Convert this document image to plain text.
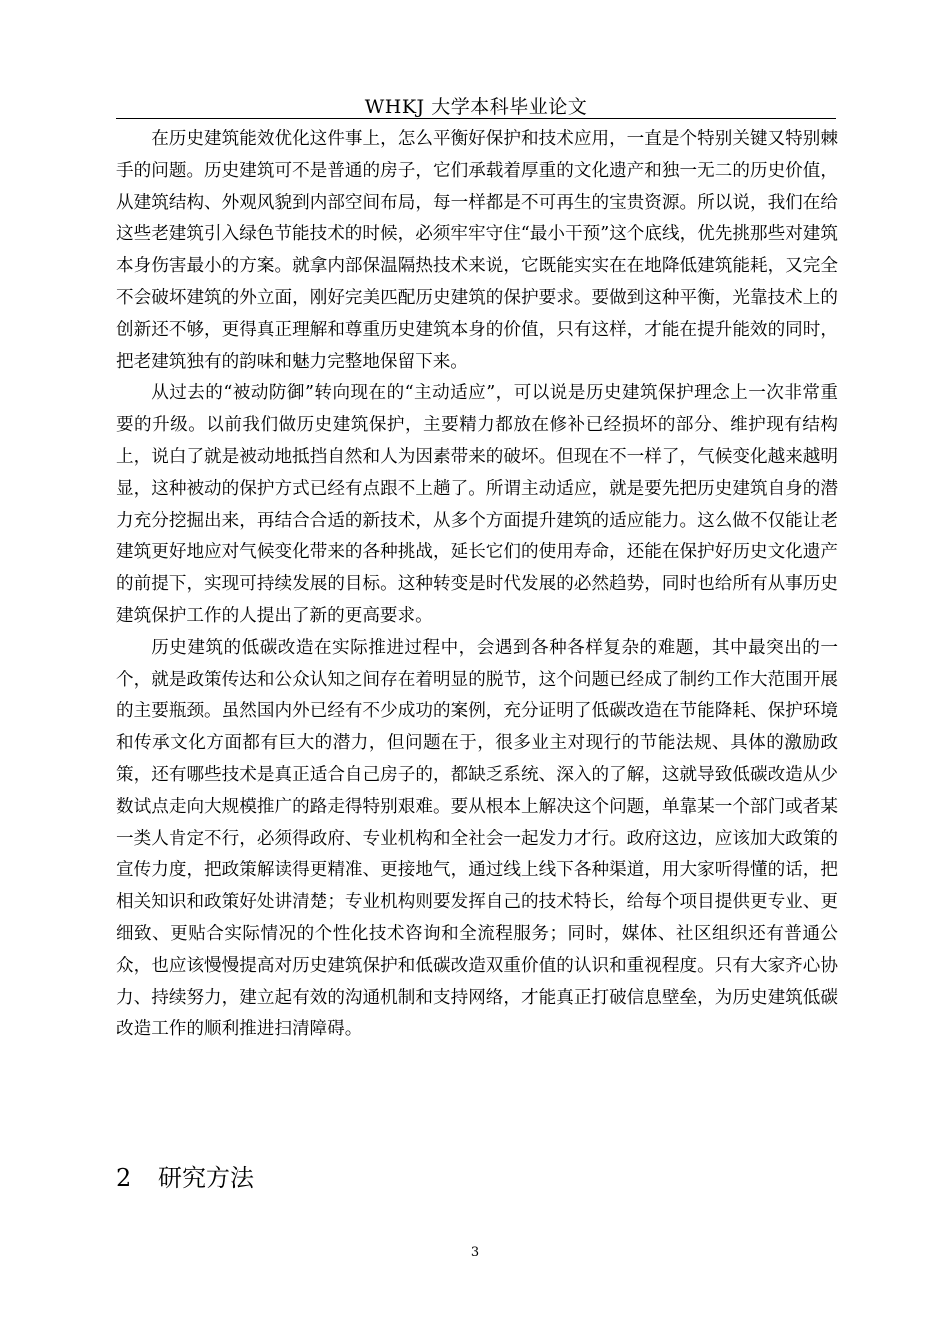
WHKJ 大学本科毕业论文

在历史建筑能效优化这件事上，怎么平衡好保护和技术应用，一直是个特别关键又特别棘手的问题。历史建筑可不是普通的房子，它们承载着厚重的文化遗产和独一无二的历史价值，从建筑结构、外观风貌到内部空间布局，每一样都是不可再生的宝贵资源。所以说，我们在给这些老建筑引入绿色节能技术的时候，必须牢牢守住“最小干预”这个底线，优先挑那些对建筑本身伤害最小的方案。就拿内部保温隔热技术来说，它既能实实在在地降低建筑能耗，又完全不会破坏建筑的外立面，刚好完美匹配历史建筑的保护要求。要做到这种平衡，光靠技术上的创新还不够，更得真正理解和尊重历史建筑本身的价值，只有这样，才能在提升能效的同时，把老建筑独有的韵味和魅力完整地保留下来。

从过去的“被动防御”转向现在的“主动适应”，可以说是历史建筑保护理念上一次非常重要的升级。以前我们做历史建筑保护，主要精力都放在修补已经损坏的部分、维护现有结构上，说白了就是被动地抵挡自然和人为因素带来的破坏。但现在不一样了，气候变化越来越明显，这种被动的保护方式已经有点跟不上趟了。所谓主动适应，就是要先把历史建筑自身的潜力充分挖掘出来，再结合合适的新技术，从多个方面提升建筑的适应能力。这么做不仅能让老建筑更好地应对气候变化带来的各种挑战，延长它们的使用寿命，还能在保护好历史文化遗产的前提下，实现可持续发展的目标。这种转变是时代发展的必然趋势，同时也给所有从事历史建筑保护工作的人提出了新的更高要求。

历史建筑的低碳改造在实际推进过程中，会遇到各种各样复杂的难题，其中最突出的一个，就是政策传达和公众认知之间存在着明显的脱节，这个问题已经成了制约工作大范围开展的主要瓶颈。虽然国内外已经有不少成功的案例，充分证明了低碳改造在节能降耗、保护环境和传承文化方面都有巨大的潜力，但问题在于，很多业主对现行的节能法规、具体的激励政策，还有哪些技术是真正适合自己房子的，都缺乏系统、深入的了解，这就导致低碳改造从少数试点走向大规模推广的路走得特别艰难。要从根本上解决这个问题，单靠某一个部门或者某一类人肯定不行，必须得政府、专业机构和全社会一起发力才行。政府这边，应该加大政策的宣传力度，把政策解读得更精准、更接地气，通过线上线下各种渠道，用大家听得懂的话，把相关知识和政策好处讲清楚；专业机构则要发挥自己的技术特长，给每个项目提供更专业、更细致、更贴合实际情况的个性化技术咨询和全流程服务；同时，媒体、社区组织还有普通公众，也应该慢慢提高对历史建筑保护和低碳改造双重价值的认识和重视程度。只有大家齐心协力、持续努力，建立起有效的沟通机制和支持网络，才能真正打破信息壁垒，为历史建筑低碳改造工作的顺利推进扫清障碍。

2 研究方法
3
